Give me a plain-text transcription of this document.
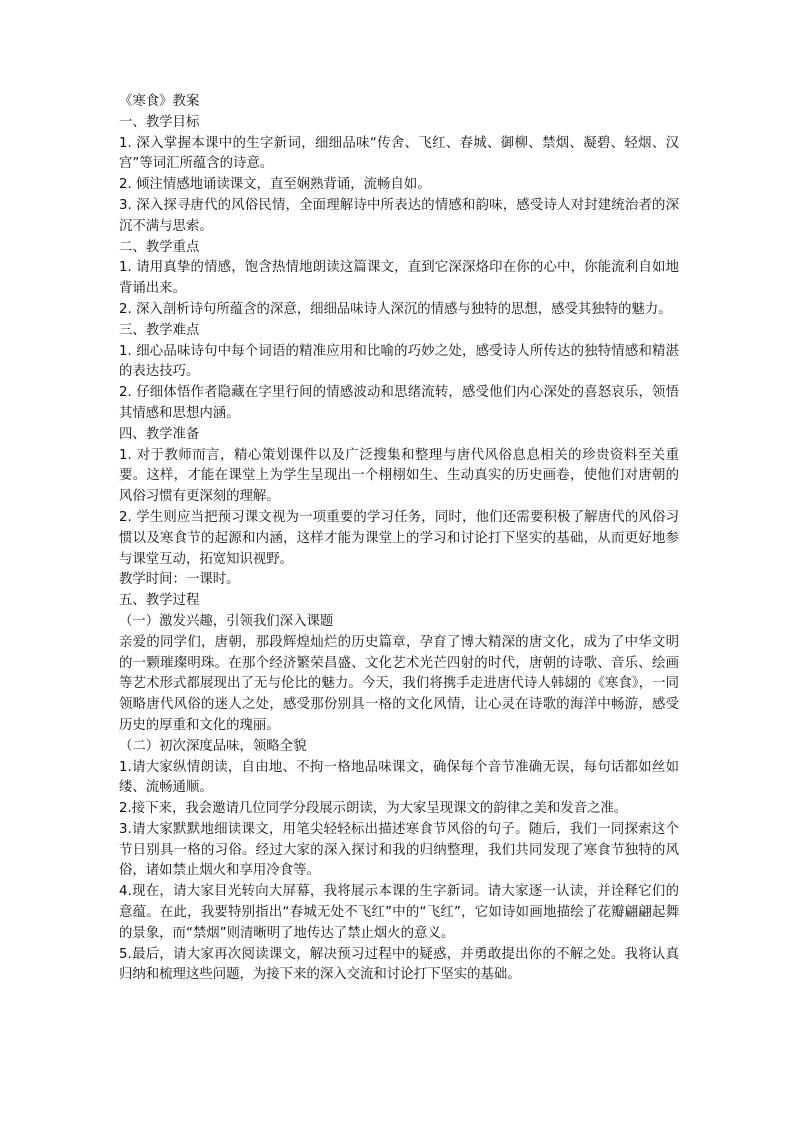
《寒食》教案
一、教学目标
1. 深入掌握本课中的生字新词，细细品味“传舍、飞红、春城、御柳、禁烟、凝碧、轻烟、汉宫”等词汇所蕴含的诗意。
2. 倾注情感地诵读课文，直至娴熟背诵，流畅自如。
3. 深入探寻唐代的风俗民情，全面理解诗中所表达的情感和韵味，感受诗人对封建统治者的深沉不满与思索。
二、教学重点
1. 请用真挚的情感，饱含热情地朗读这篇课文，直到它深深烙印在你的心中，你能流利自如地背诵出来。
2. 深入剖析诗句所蕴含的深意，细细品味诗人深沉的情感与独特的思想，感受其独特的魅力。
三、教学难点
1. 细心品味诗句中每个词语的精准应用和比喻的巧妙之处，感受诗人所传达的独特情感和精湛的表达技巧。
2. 仔细体悟作者隐藏在字里行间的情感波动和思绪流转，感受他们内心深处的喜怒哀乐，领悟其情感和思想内涵。
四、教学准备
1. 对于教师而言，精心策划课件以及广泛搜集和整理与唐代风俗息息相关的珍贵资料至关重要。这样，才能在课堂上为学生呈现出一个栩栩如生、生动真实的历史画卷，使他们对唐朝的风俗习惯有更深刻的理解。
2. 学生则应当把预习课文视为一项重要的学习任务，同时，他们还需要积极了解唐代的风俗习惯以及寒食节的起源和内涵，这样才能为课堂上的学习和讨论打下坚实的基础，从而更好地参与课堂互动，拓宽知识视野。
教学时间：一课时。
五、教学过程
（一）激发兴趣，引领我们深入课题
亲爱的同学们，唐朝，那段辉煌灿烂的历史篇章，孕育了博大精深的唐文化，成为了中华文明的一颗璀璨明珠。在那个经济繁荣昌盛、文化艺术光芒四射的时代，唐朝的诗歌、音乐、绘画等艺术形式都展现出了无与伦比的魅力。今天，我们将携手走进唐代诗人韩翃的《寒食》，一同领略唐代风俗的迷人之处，感受那份别具一格的文化风情，让心灵在诗歌的海洋中畅游，感受历史的厚重和文化的瑰丽。
（二）初次深度品味，领略全貌
1.请大家纵情朗读，自由地、不拘一格地品味课文，确保每个音节准确无误，每句话都如丝如缕、流畅通顺。
2.接下来，我会邀请几位同学分段展示朗读，为大家呈现课文的韵律之美和发音之准。
3.请大家默默地细读课文，用笔尖轻轻标出描述寒食节风俗的句子。随后，我们一同探索这个节日别具一格的习俗。经过大家的深入探讨和我的归纳整理，我们共同发现了寒食节独特的风俗，诸如禁止烟火和享用冷食等。
4.现在，请大家目光转向大屏幕，我将展示本课的生字新词。请大家逐一认读，并诠释它们的意蕴。在此，我要特别指出“春城无处不飞红”中的“飞红”，它如诗如画地描绘了花瓣翩翩起舞的景象，而“禁烟”则清晰明了地传达了禁止烟火的意义。
5.最后，请大家再次阅读课文，解决预习过程中的疑惑，并勇敢提出你的不解之处。我将认真归纳和梳理这些问题，为接下来的深入交流和讨论打下坚实的基础。
